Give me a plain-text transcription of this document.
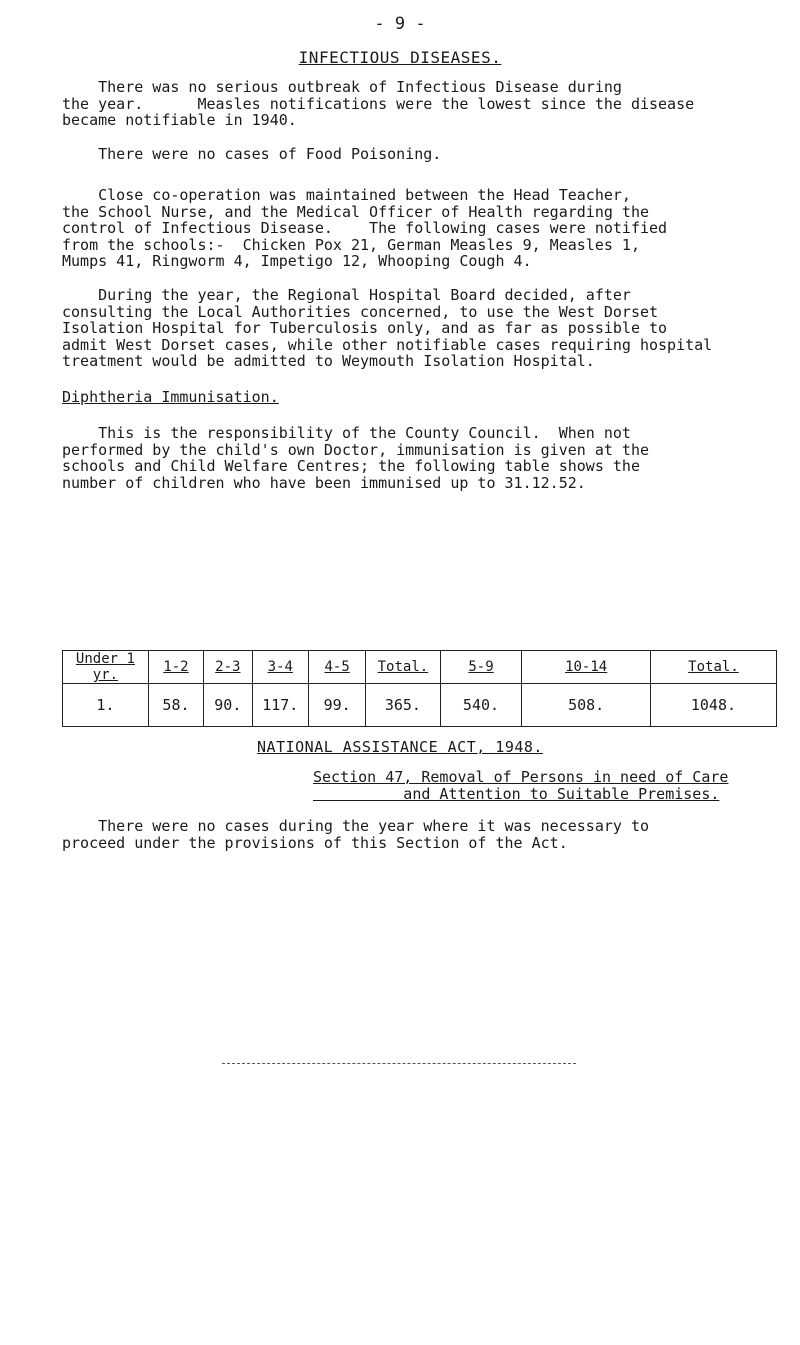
- 9 -
INFECTIOUS DISEASES.
There was no serious outbreak of Infectious Disease during
the year.      Measles notifications were the lowest since the disease
became notifiable in 1940.
There were no cases of Food Poisoning.
Close co-operation was maintained between the Head Teacher,
the School Nurse, and the Medical Officer of Health regarding the
control of Infectious Disease.    The following cases were notified
from the schools:-  Chicken Pox 21, German Measles 9, Measles 1,
Mumps 41, Ringworm 4, Impetigo 12, Whooping Cough 4.
During the year, the Regional Hospital Board decided, after
consulting the Local Authorities concerned, to use the West Dorset
Isolation Hospital for Tuberculosis only, and as far as possible to
admit West Dorset cases, while other notifiable cases requiring hospital
treatment would be admitted to Weymouth Isolation Hospital.
Diphtheria Immunisation.
This is the responsibility of the County Council.  When not
performed by the child's own Doctor, immunisation is given at the
schools and Child Welfare Centres; the following table shows the
number of children who have been immunised up to 31.12.52.
Under 1 yr.	1-2	2-3	3-4	4-5	Total.	5-9	10-14	Total.
1.	58.	90.	117.	99.	365.	540.	508.	1048.
NATIONAL ASSISTANCE ACT, 1948.
Section 47, Removal of Persons in need of Care
and Attention to Suitable Premises.
There were no cases during the year where it was necessary to
proceed under the provisions of this Section of the Act.
